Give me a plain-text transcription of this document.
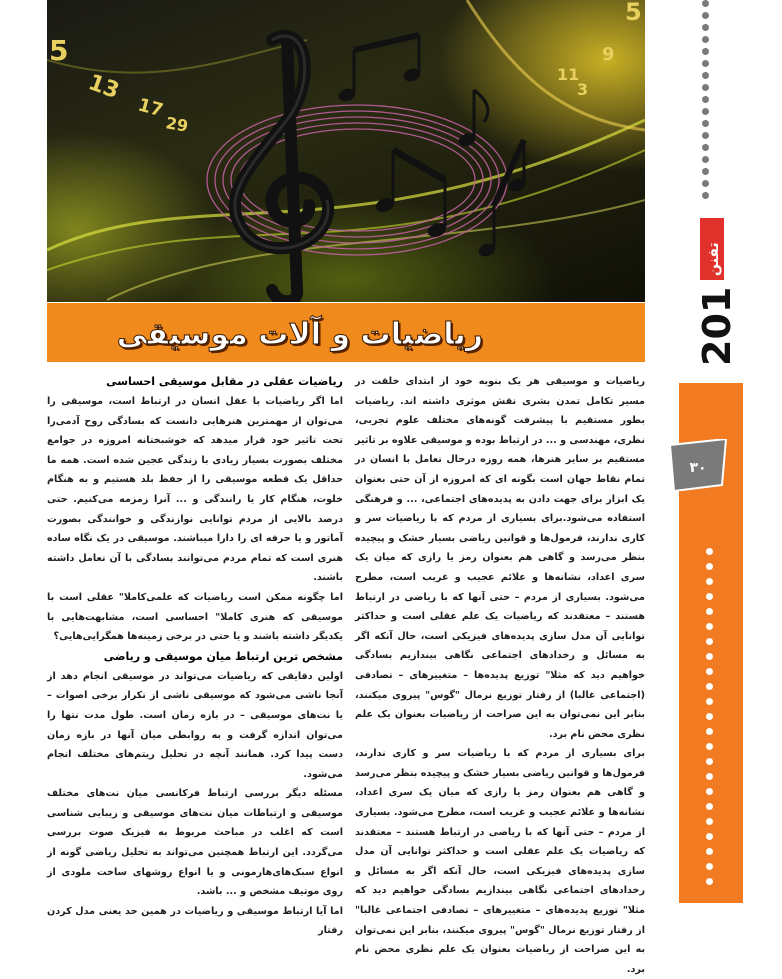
5
13
17
29
3
9
11
5
ریاضیات و آلات موسیقی	201
تفنن
۳۰

ریاضیات و موسیقی هر یک بنوبه خود از ابتدای خلقت در مسیر تکامل تمدن بشری نقش موثری داشته اند. ریاضیات بطور مستقیم با پیشرفت گونه‌های مختلف علوم تجربی، نظری، مهندسی و ... در ارتباط بوده و موسیقی علاوه بر تاثیر مستقیم بر سایر هنرها، همه روزه درحال تعامل با انسان در تمام نقاط جهان است بگونه ای که امروزه از آن حتی بعنوان یک ابزار برای جهت دادن به پدیده‌های اجتماعی، ... و فرهنگی استفاده می‌شود.برای بسیاری از مردم که با ریاضیات سر و کاری ندارند، فرمول‌ها و قوانین ریاضی بسیار خشک و پیچیده بنظر می‌رسد و گاهی هم بعنوان رمز یا رازی که میان یک سری اعداد، نشانه‌ها و علائم عجیب و غریب است، مطرح می‌شود. بسیاری از مردم – حتی آنها که با ریاضی در ارتباط هستند – معتقدند که ریاضیات یک علم عقلی است و حداکثر توانایی آن مدل سازی پدیده‌های فیزیکی است، حال آنکه اگر به مسائل و رخدادهای اجتماعی نگاهی بیندازیم بسادگی خواهیم دید که مثلا" توزیع پدیده‌ها – متغییرهای – تصادفی (اجتماعی غالبا) از رفتار توزیع نرمال "گوس" پیروی میکنند، بنابر این نمی‌توان به این صراحت از ریاضیات بعنوان یک علم نظری محض نام برد.

برای بسیاری از مردم که با ریاضیات سر و کاری ندارند، فرمول‌ها و قوانین ریاضی بسیار خشک و پیچیده بنظر می‌رسد و گاهی هم بعنوان رمز یا رازی که میان یک سری اعداد، نشانه‌ها و علائم عجیب و غریب است، مطرح می‌شود. بسیاری از مردم – حتی آنها که با ریاضی در ارتباط هستند – معتقدند که ریاضیات یک علم عقلی است و حداکثر توانایی آن مدل سازی پدیده‌های فیزیکی است، حال آنکه اگر به مسائل و رخدادهای اجتماعی نگاهی بیندازیم بسادگی خواهیم دید که مثلا" توزیع پدیده‌های – متغییرهای – تصادفی اجتماعی غالبا" از رفتار توزیع نرمال "گوس" پیروی میکنند، بنابر این نمی‌توان به این صراحت از ریاضیات بعنوان یک علم نظری محض نام برد.

ریاضیات عقلی در مقابل موسیقی احساسی

اما اگر ریاضیات با عقل انسان در ارتباط است، موسیقی را می‌توان از مهمترین هنرهایی دانست که بسادگی روح آدمی‌را تحت تاثیر خود قرار میدهد که خوشبختانه امروزه در جوامع مختلف بصورت بسیار زیادی با زندگی عجین شده است. همه ما حداقل یک قطعه موسیقی را از حفظ بلد هستیم و به هنگام خلوت، هنگام کار یا رانندگی و ... آنرا زمزمه می‌کنیم. حتی درصد بالایی از مردم توانایی نوازندگی و خوانندگی بصورت آماتور و یا حرفه ای را دارا میباشند. موسیقی در یک نگاه ساده هنری است که تمام مردم می‌توانند بسادگی با آن تعامل داشته باشند.

اما چگونه ممکن است ریاضیات که علمی‌کاملا" عقلی است با موسیقی که هنری کاملا" احساسی است، مشابهت‌هایی با یکدیگر داشته باشند و یا حتی در برخی زمینه‌ها همگرایی‌هایی؟

مشخص ترین ارتباط میان موسیقی و ریاضی

اولین دقایقی که ریاضیات می‌تواند در موسیقی انجام دهد از آنجا ناشی می‌شود که موسیقی ناشی از تکرار برخی اصوات – یا نت‌های موسیقی – در بازه زمان است. طول مدت نتها را می‌توان اندازه گرفت و به روابطی میان آنها در بازه زمان دست پیدا کرد. همانند آنچه در تحلیل ریتم‌های مختلف انجام می‌شود.

مسئله دیگر بررسی ارتباط فرکانسی میان نت‌های مختلف موسیقی و ارتباطات میان نت‌های موسیقی و زیبایی شناسی است که اغلب در مباحث مربوط به فیزیک صوت بررسی می‌گردد. این ارتباط همچنین می‌تواند به تحلیل ریاضی گونه از انواع سبک‌های‌هارمونی و یا انواع روشهای ساخت ملودی از روی موتیف مشخص و ... باشد.

اما آیا ارتباط موسیقی و ریاضیات در همین حد یعنی مدل کردن رفتار
